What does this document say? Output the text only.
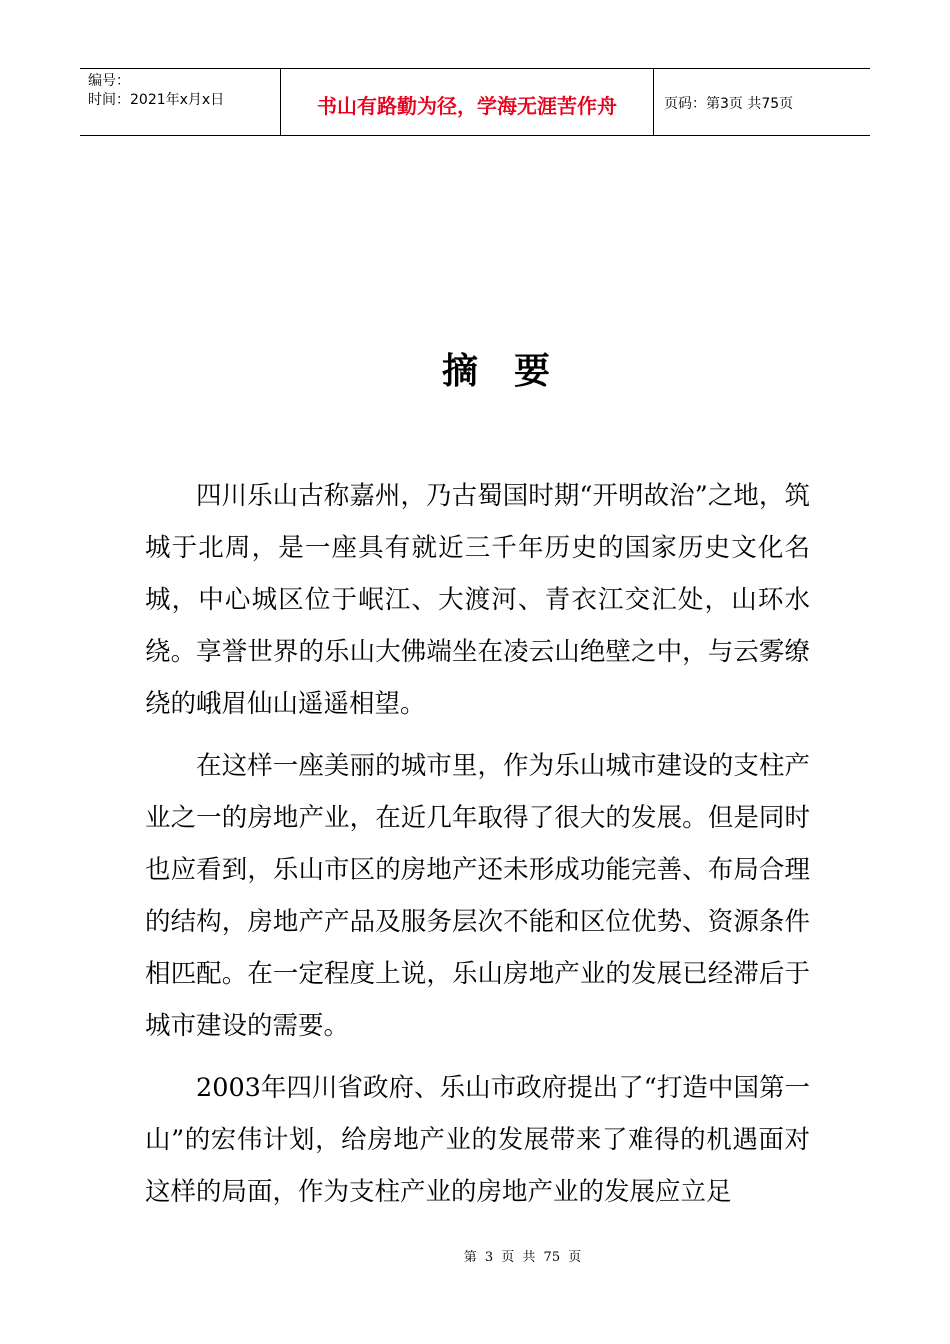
编号：
时间：2021年x月x日	书山有路勤为径，学海无涯苦作舟	页码：第3页 共75页
摘要

四川乐山古称嘉州，乃古蜀国时期“开明故治”之地，筑城于北周，是一座具有就近三千年历史的国家历史文化名城，中心城区位于岷江、大渡河、青衣江交汇处，山环水绕。享誉世界的乐山大佛端坐在凌云山绝壁之中，与云雾缭绕的峨眉仙山遥遥相望。

在这样一座美丽的城市里，作为乐山城市建设的支柱产业之一的房地产业，在近几年取得了很大的发展。但是同时也应看到，乐山市区的房地产还未形成功能完善、布局合理的结构，房地产产品及服务层次不能和区位优势、资源条件相匹配。在一定程度上说，乐山房地产业的发展已经滞后于城市建设的需要。

2003年四川省政府、乐山市政府提出了“打造中国第一山”的宏伟计划，给房地产业的发展带来了难得的机遇面对这样的局面，作为支柱产业的房地产业的发展应立足

第 3 页 共 75 页
